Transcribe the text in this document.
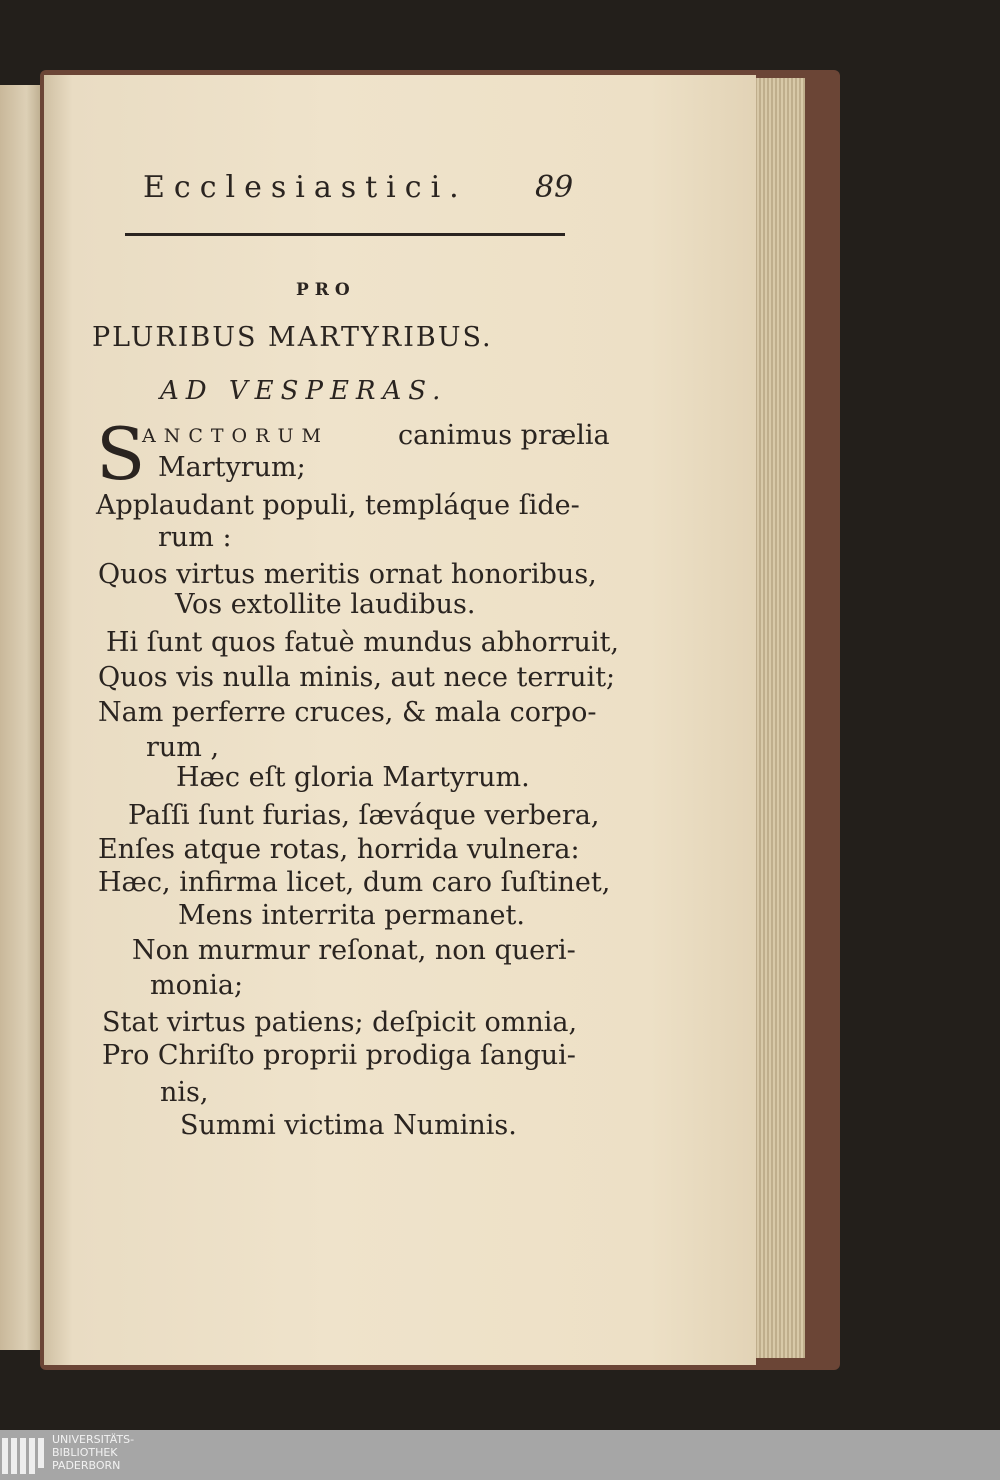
Ecclesiastici. 89
PRO
PLURIBUS MARTYRIBUS.
AD VESPERAS.
S
ANCTORUM	canimus prælia
Martyrum;
Applaudant populi, templáque ſide-
rum :
Quos virtus meritis ornat honoribus,
Vos extollite laudibus.
Hi ſunt quos fatuè mundus abhorruit,
Quos vis nulla minis, aut nece terruit;
Nam perferre cruces, & mala corpo-
rum ,
Hæc eſt gloria Martyrum.
Paſſi ſunt furias, ſæváque verbera,
Enſes atque rotas, horrida vulnera:
Hæc, infirma licet, dum caro ſuſtinet,
Mens interrita permanet.
Non murmur reſonat, non queri-
monia;
Stat virtus patiens; deſpicit omnia,
Pro Chriſto proprii prodiga ſangui-
nis,
Summi victima Numinis.
UNIVERSITÄTS-
BIBLIOTHEK
PADERBORN
